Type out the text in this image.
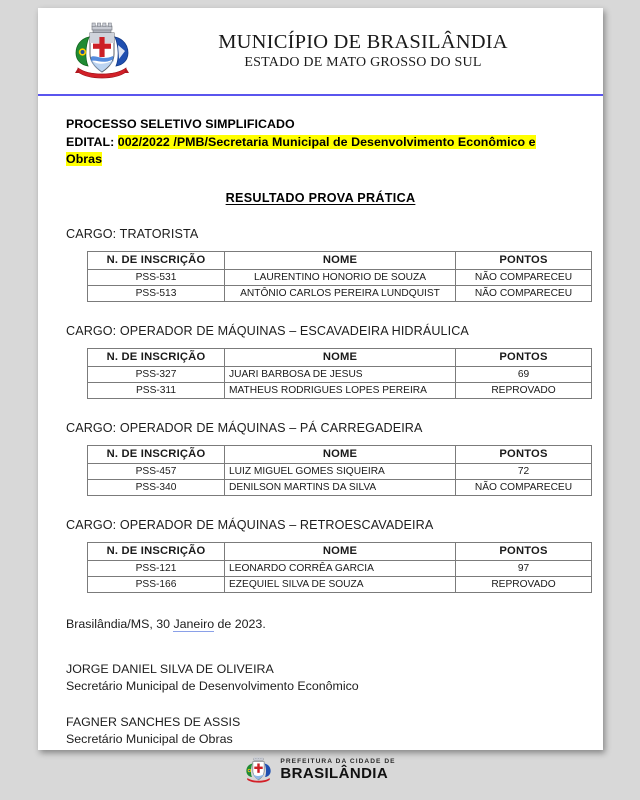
MUNICÍPIO DE BRASILÂNDIA
ESTADO DE MATO GROSSO DO SUL
PROCESSO SELETIVO SIMPLIFICADO
EDITAL: 002/2022 /PMB/Secretaria Municipal de Desenvolvimento Econômico e
Obras
RESULTADO PROVA PRÁTICA
CARGO: TRATORISTA
N. DE INSCRIÇÃO	NOME	PONTOS
PSS-531	LAURENTINO HONORIO DE SOUZA	NÃO COMPARECEU
PSS-513	ANTÔNIO CARLOS PEREIRA LUNDQUIST	NÃO COMPARECEU
CARGO: OPERADOR DE MÁQUINAS – ESCAVADEIRA HIDRÁULICA
N. DE INSCRIÇÃO	NOME	PONTOS
PSS-327	JUARI BARBOSA DE JESUS	69
PSS-311	MATHEUS RODRIGUES LOPES PEREIRA	REPROVADO
CARGO: OPERADOR DE MÁQUINAS – PÁ CARREGADEIRA
N. DE INSCRIÇÃO	NOME	PONTOS
PSS-457	LUIZ MIGUEL GOMES SIQUEIRA	72
PSS-340	DENILSON MARTINS DA SILVA	NÃO COMPARECEU
CARGO: OPERADOR DE MÁQUINAS – RETROESCAVADEIRA
N. DE INSCRIÇÃO	NOME	PONTOS
PSS-121	LEONARDO CORRÊA GARCIA	97
PSS-166	EZEQUIEL SILVA DE SOUZA	REPROVADO
Brasilândia/MS, 30 Janeiro de 2023.
JORGE DANIEL SILVA DE OLIVEIRA
Secretário Municipal de Desenvolvimento Econômico
FAGNER SANCHES DE ASSIS
Secretário Municipal de Obras
PREFEITURA DA CIDADE DE
BRASILÂNDIA
